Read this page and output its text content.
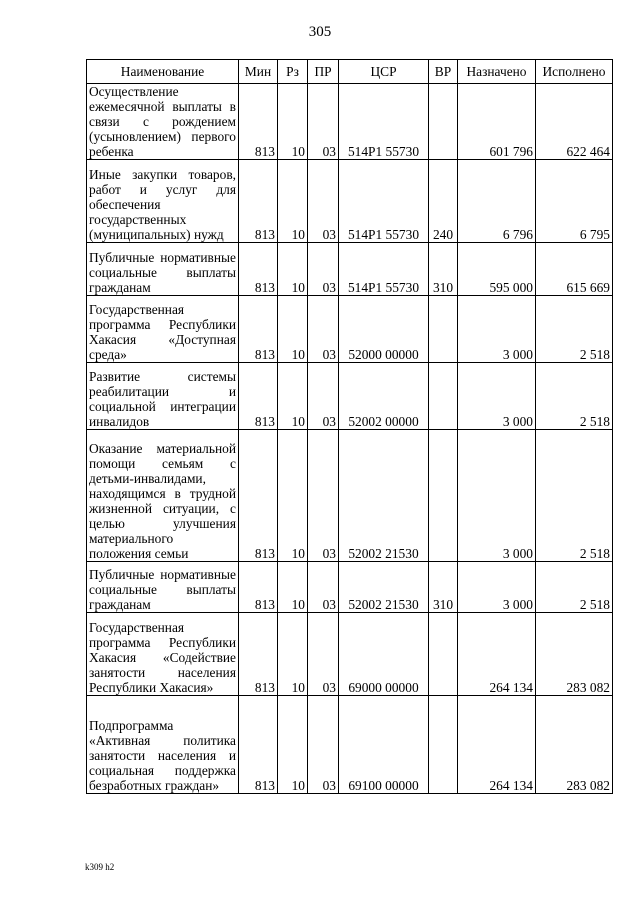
305
Наименование	Мин	Рз	ПР	ЦСР	ВР	Назначено	Исполнено
Осуществление ежемесячной выплаты в связи с рождением (усыновлением) первого ребенка	813	10	03	514P1 55730		601 796	622 464
Иные закупки товаров, работ и услуг для обеспечения государственных (муниципальных) нужд	813	10	03	514P1 55730	240	6 796	6 795
Публичные нормативные социальные выплаты гражданам	813	10	03	514P1 55730	310	595 000	615 669
Государственная программа Республики Хакасия «Доступная среда»	813	10	03	52000 00000		3 000	2 518
Развитие системы реабилитации и социальной интеграции инвалидов	813	10	03	52002 00000		3 000	2 518
Оказание материальной помощи семьям с детьми-инвалидами, находящимся в трудной жизненной ситуации, с целью улучшения материального положения семьи	813	10	03	52002 21530		3 000	2 518
Публичные нормативные социальные выплаты гражданам	813	10	03	52002 21530	310	3 000	2 518
Государственная программа Республики Хакасия «Содействие занятости населения Республики Хакасия»	813	10	03	69000 00000		264 134	283 082
Подпрограмма «Активная политика занятости населения и социальная поддержка безработных граждан»	813	10	03	69100 00000		264 134	283 082
k309 h2
